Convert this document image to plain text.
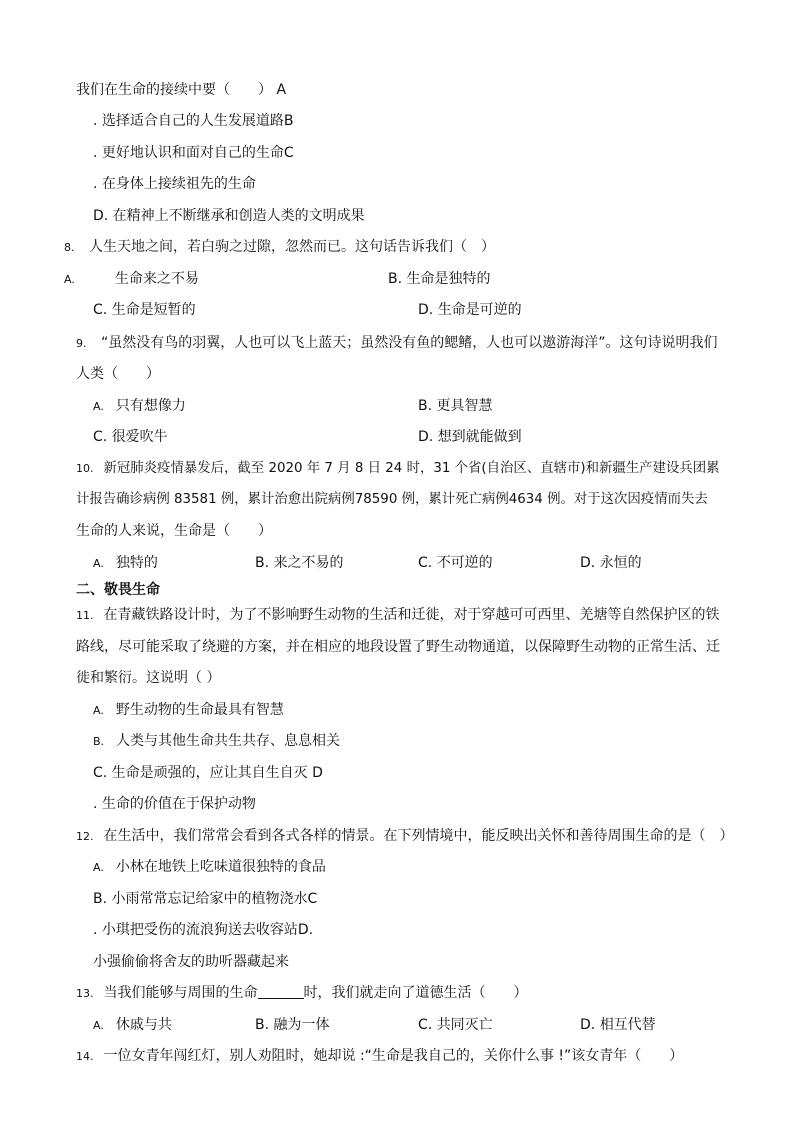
我们在生命的接续中要（　　） A
. 选择适合自己的人生发展道路B
. 更好地认识和面对自己的生命C
. 在身体上接续祖先的生命
D. 在精神上不断继承和创造人类的文明成果
8. 人生天地之间，若白驹之过隙，忽然而已。这句话告诉我们（　）
A.	生命来之不易	B. 生命是独特的
C. 生命是短暂的	D. 生命是可逆的
9. “虽然没有鸟的羽翼，人也可以飞上蓝天；虽然没有鱼的鳃鳍，人也可以遨游海洋”。这句诗说明我们
人类（　　）
A. 只有想像力	B. 更具智慧
C. 很爱吹牛	D. 想到就能做到
10. 新冠肺炎疫情暴发后，截至 2020 年 7 月 8 日 24 时，31 个省(自治区、直辖市)和新疆生产建设兵团累
计报告确诊病例 83581 例，累计治愈出院病例78590 例，累计死亡病例4634 例。对于这次因疫情而失去
生命的人来说，生命是（　　）
A. 独特的	B. 来之不易的	C. 不可逆的	D. 永恒的
二、敬畏生命
11. 在青藏铁路设计时，为了不影响野生动物的生活和迁徙，对于穿越可可西里、羌塘等自然保护区的铁
路线，尽可能采取了绕避的方案，并在相应的地段设置了野生动物通道，以保障野生动物的正常生活、迁
徙和繁衍。这说明（ ）
A. 野生动物的生命最具有智慧
B. 人类与其他生命共生共存、息息相关
C. 生命是顽强的，应让其自生自灭 D
. 生命的价值在于保护动物
12. 在生活中，我们常常会看到各式各样的情景。在下列情境中，能反映出关怀和善待周围生命的是（　）
A. 小林在地铁上吃味道很独特的食品
B. 小雨常常忘记给家中的植物浇水C
. 小琪把受伤的流浪狗送去收容站D.
小强偷偷将舍友的助听器藏起来
13. 当我们能够与周围的生命	时，我们就走向了道德生活（　　）
A. 休戚与共	B. 融为一体	C. 共同灭亡	D. 相互代替
14. 一位女青年闯红灯，别人劝阻时，她却说 :“生命是我自己的，关你什么事 !”该女青年（　　）
